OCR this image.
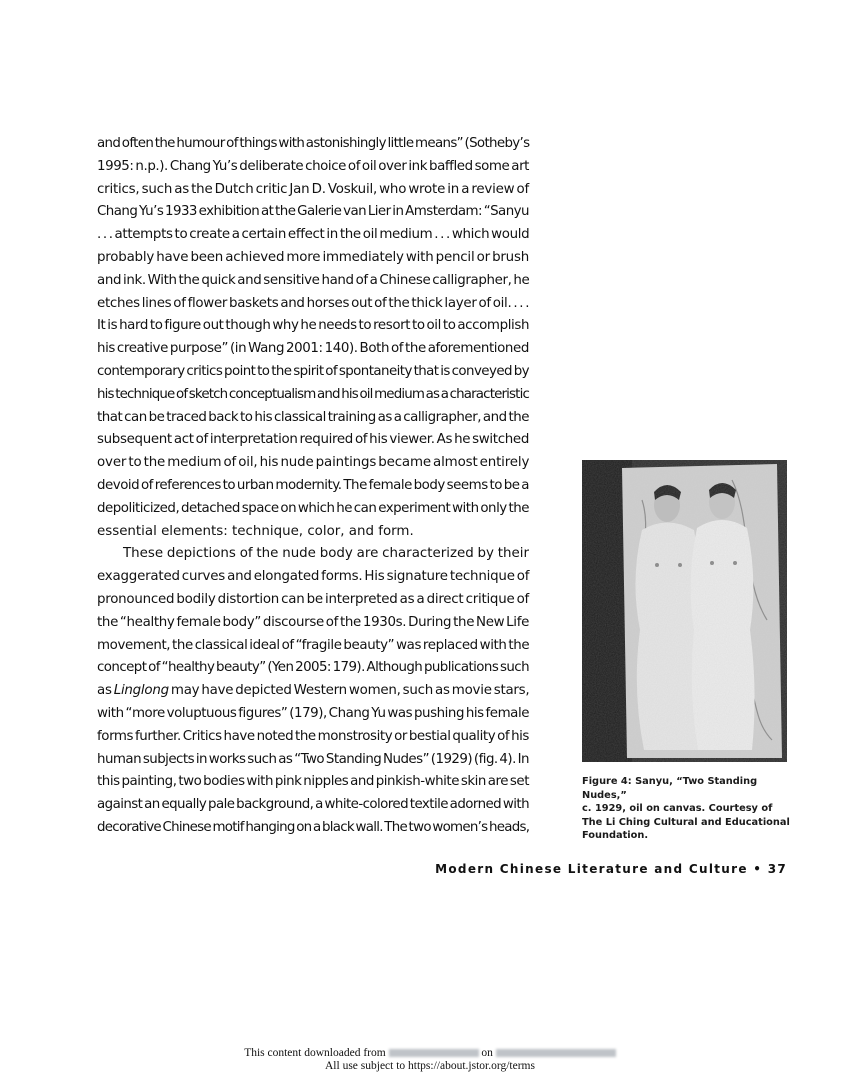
and often the humour of things with astonishingly little means” (Sotheby’s
1995: n.p.). Chang Yu’s deliberate choice of oil over ink baffled some art
critics, such as the Dutch critic Jan D. Voskuil, who wrote in a review of
Chang Yu’s 1933 exhibition at the Galerie van Lier in Amsterdam: “Sanyu
. . . attempts to create a certain effect in the oil medium . . . which would
probably have been achieved more immediately with pencil or brush
and ink. With the quick and sensitive hand of a Chinese calligrapher, he
etches lines of flower baskets and horses out of the thick layer of oil. . . .
It is hard to figure out though why he needs to resort to oil to accomplish
his creative purpose” (in Wang 2001: 140). Both of the aforementioned
contemporary critics point to the spirit of spontaneity that is conveyed by
his technique of sketch conceptualism and his oil medium as a characteristic
that can be traced back to his classical training as a calligrapher, and the
subsequent act of interpretation required of his viewer. As he switched
over to the medium of oil, his nude paintings became almost entirely
devoid of references to urban modernity. The female body seems to be a
depoliticized, detached space on which he can experiment with only the
essential elements: technique, color, and form.
These depictions of the nude body are characterized by their
exaggerated curves and elongated forms. His signature technique of
pronounced bodily distortion can be interpreted as a direct critique of
the “healthy female body” discourse of the 1930s. During the New Life
movement, the classical ideal of “fragile beauty” was replaced with the
concept of “healthy beauty” (Yen 2005: 179). Although publications such
as Linglong may have depicted Western women, such as movie stars,
with “more voluptuous figures” (179), Chang Yu was pushing his female
forms further. Critics have noted the monstrosity or bestial quality of his
human subjects in works such as “Two Standing Nudes” (1929) (fig. 4). In
this painting, two bodies with pink nipples and pinkish-white skin are set
against an equally pale background, a white-colored textile adorned with
decorative Chinese motif hanging on a black wall. The two women’s heads,
Figure 4: Sanyu, “Two Standing Nudes,”
c. 1929, oil on canvas. Courtesy of
The Li Ching Cultural and Educational
Foundation.
Modern Chinese Literature and Culture • 37
This content downloaded from	on
All use subject to https://about.jstor.org/terms
